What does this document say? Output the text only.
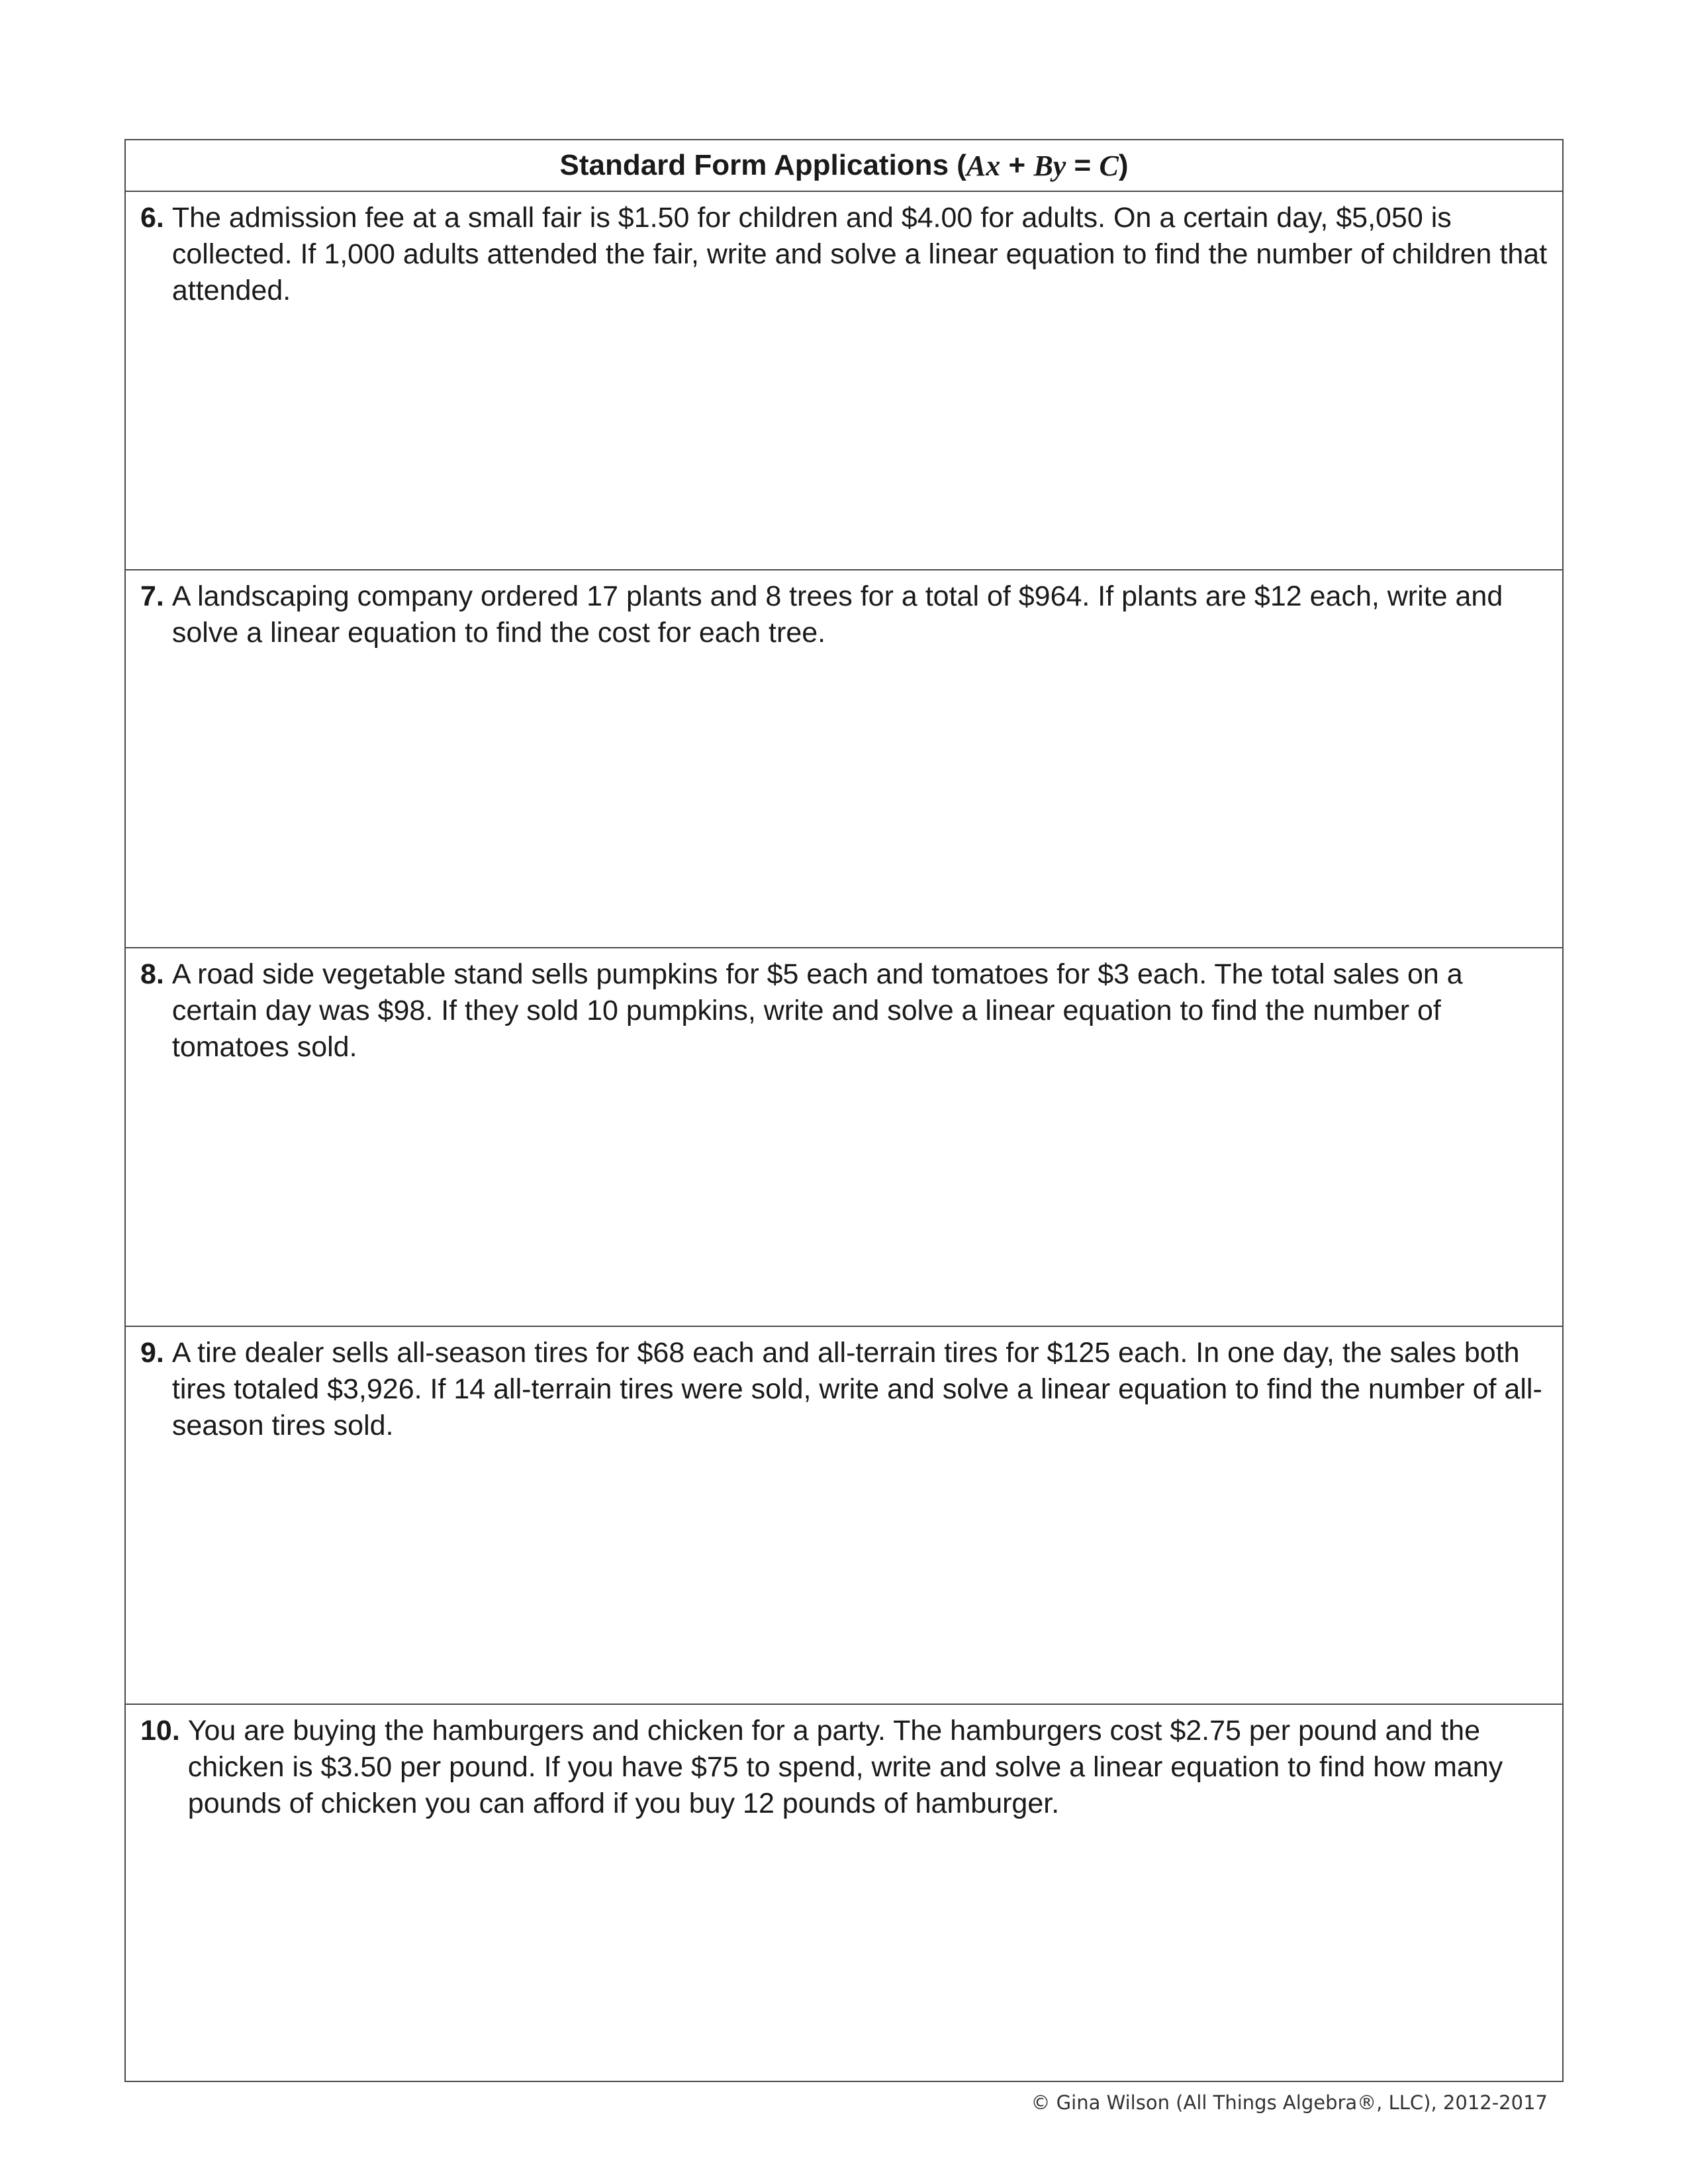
Standard Form Applications ( Ax + By = C )
6. The admission fee at a small fair is $1.50 for children and $4.00 for adults. On a certain day, $5,050 is collected. If 1,000 adults attended the fair, write and solve a linear equation to find the number of children that attended.
7. A landscaping company ordered 17 plants and 8 trees for a total of $964. If plants are $12 each, write and solve a linear equation to find the cost for each tree.
8. A road side vegetable stand sells pumpkins for $5 each and tomatoes for $3 each. The total sales on a certain day was $98. If they sold 10 pumpkins, write and solve a linear equation to find the number of tomatoes sold.
9. A tire dealer sells all-season tires for $68 each and all-terrain tires for $125 each. In one day, the sales both tires totaled $3,926. If 14 all-terrain tires were sold, write and solve a linear equation to find the number of all-season tires sold.
10. You are buying the hamburgers and chicken for a party. The hamburgers cost $2.75 per pound and the chicken is $3.50 per pound. If you have $75 to spend, write and solve a linear equation to find how many pounds of chicken you can afford if you buy 12 pounds of hamburger.
© Gina Wilson (All Things Algebra®, LLC), 2012-2017
